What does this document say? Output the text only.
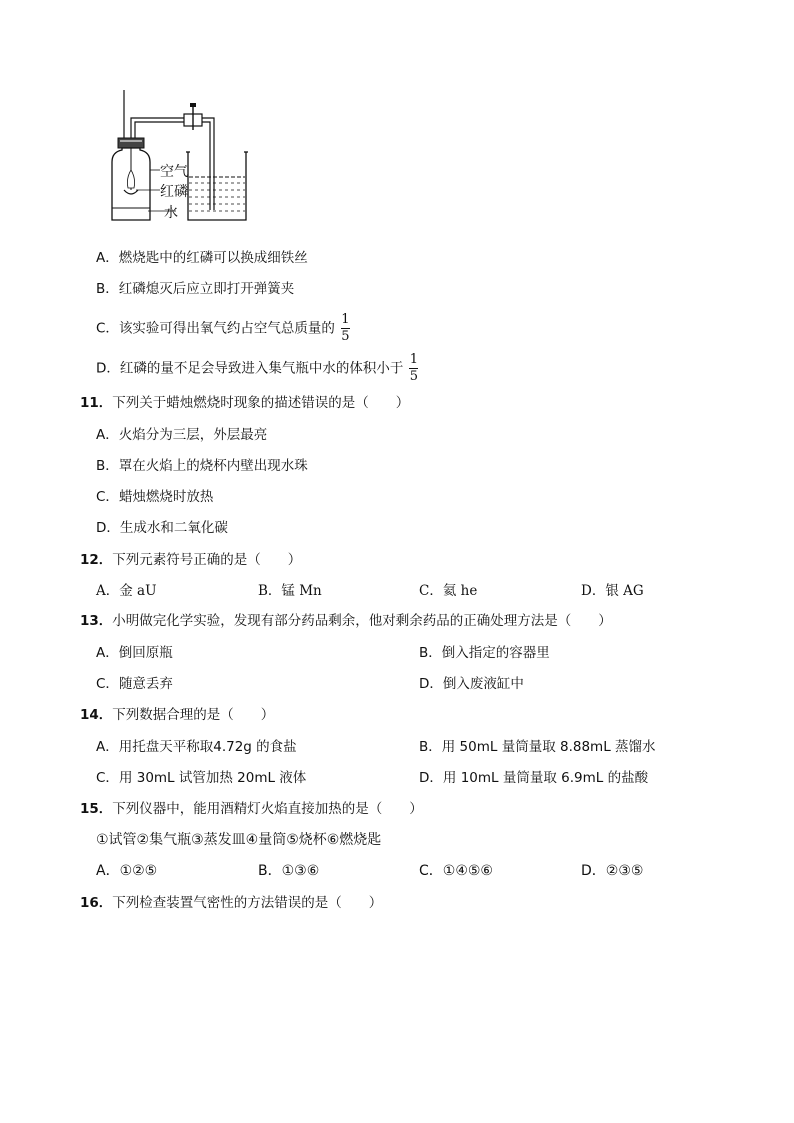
空气
红磷
水
A．燃烧匙中的红磷可以换成细铁丝
B．红磷熄灭后应立即打开弹簧夹
C．该实验可得出氧气约占空气总质量的 $\frac{1}{5}$
D．红磷的量不足会导致进入集气瓶中水的体积小于 $\frac{1}{5}$
11．下列关于蜡烛燃烧时现象的描述错误的是（　　）
A．火焰分为三层，外层最亮
B．罩在火焰上的烧杯内壁出现水珠
C．蜡烛燃烧时放热
D．生成水和二氧化碳
12．下列元素符号正确的是（　　）
A．金 aU	B．锰 Mn	C．氦 he	D．银 AG
13．小明做完化学实验，发现有部分药品剩余，他对剩余药品的正确处理方法是（　　）
A．倒回原瓶	B．倒入指定的容器里
C．随意丢弃	D．倒入废液缸中
14．下列数据合理的是（　　）
A．用托盘天平称取4.72g 的食盐	B．用 50mL 量筒量取 8.88mL 蒸馏水
C．用 30mL 试管加热 20mL 液体	D．用 10mL 量筒量取 6.9mL 的盐酸
15．下列仪器中，能用酒精灯火焰直接加热的是（　　）
①试管②集气瓶③蒸发皿④量筒⑤烧杯⑥燃烧匙
A．①②⑤	B．①③⑥	C．①④⑤⑥	D．②③⑤
16．下列检查装置气密性的方法错误的是（　　）
